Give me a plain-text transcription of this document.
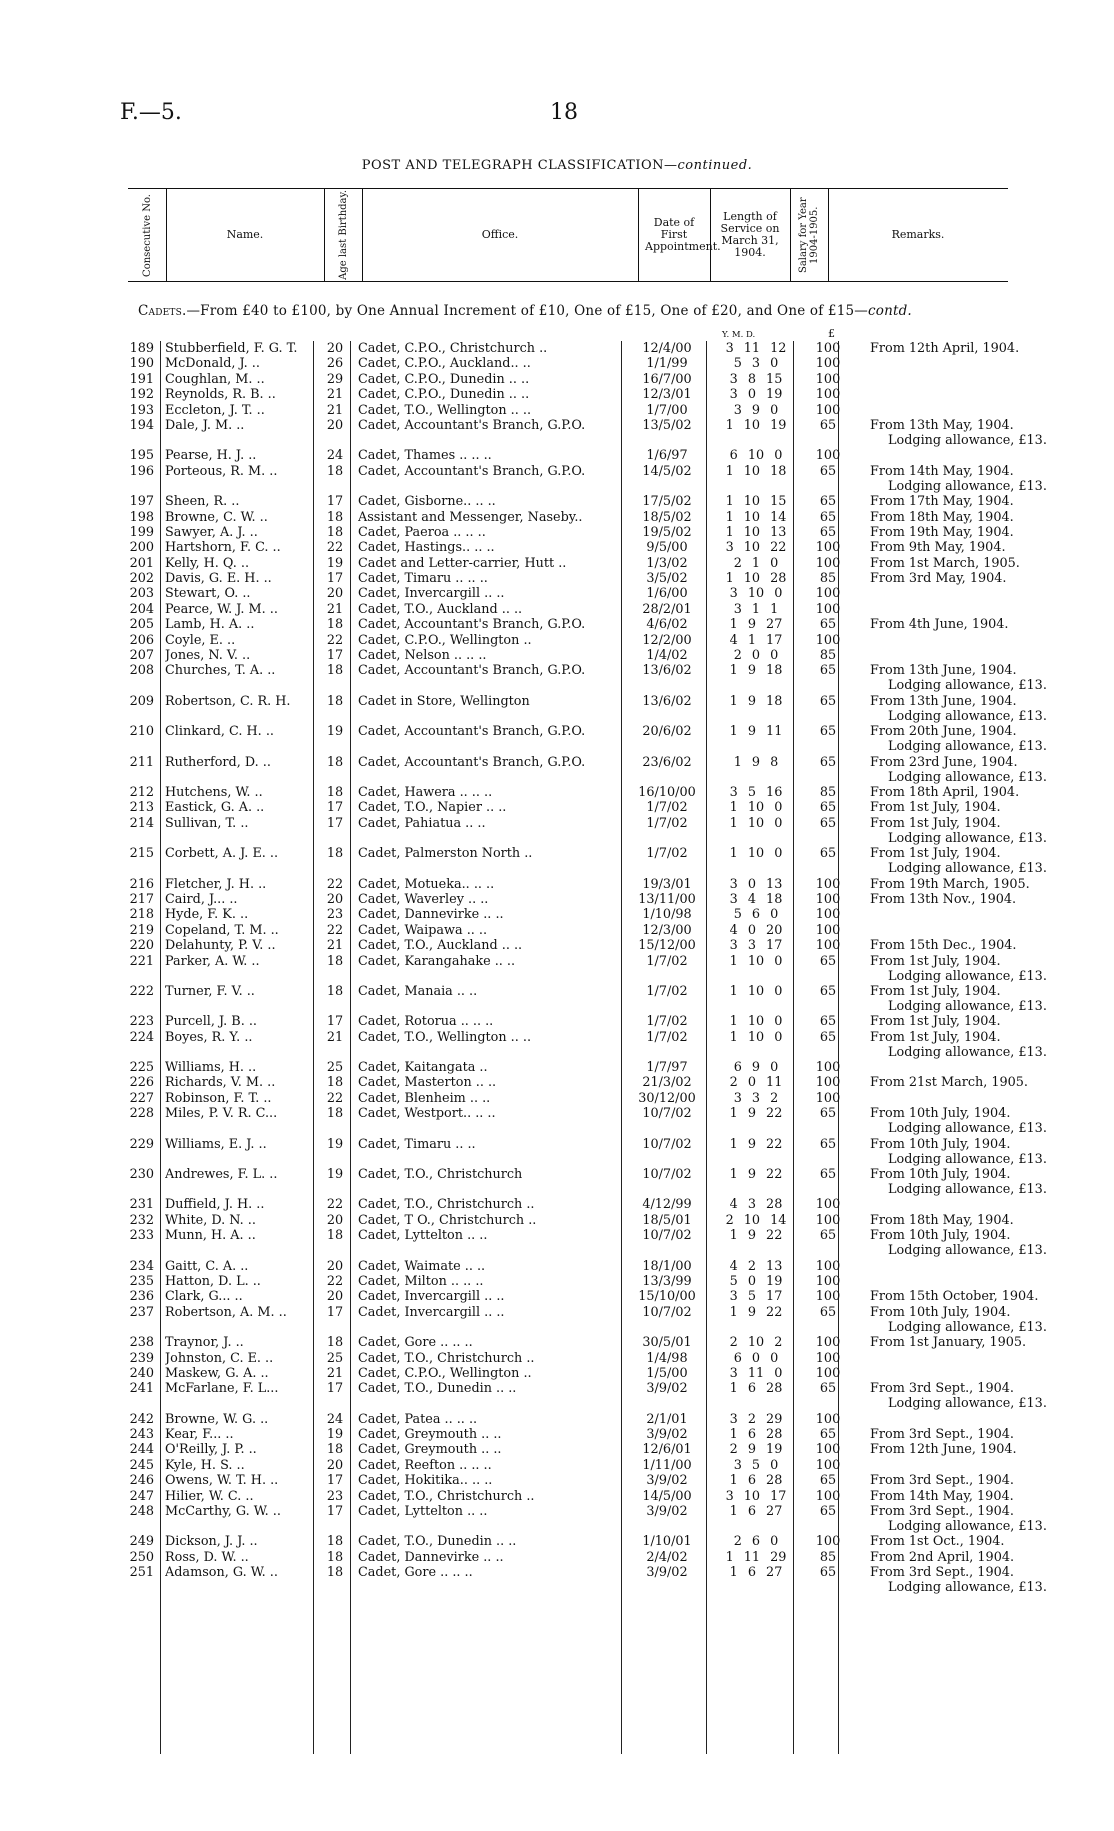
F.—5.	18
POST AND TELEGRAPH CLASSIFICATION—continued.
Consecutive No.	Name.	Age last Birthday.	Office.
Date of First Appointment.
Length of Service on March 31, 1904.	Salary for Year 1904-1905.	Remarks.
Cadets.—From £40 to £100, by One Annual Increment of £10, One of £15, One of £20, and One of £15—contd.
Y. M. D.	£
189 Stubberfield, F. G. T.	20	Cadet, C.P.O., Christchurch ..	12/4/00	3 11 12	100	From 12th April, 1904.
190 McDonald, J. ..	26	Cadet, C.P.O., Auckland.. ..	1/1/99	5 3 0	100
191 Coughlan, M. ..	29	Cadet, C.P.O., Dunedin .. ..	16/7/00	3 8 15	100
192 Reynolds, R. B. ..	21	Cadet, C.P.O., Dunedin .. ..	12/3/01	3 0 19	100
193 Eccleton, J. T. ..	21	Cadet, T.O., Wellington .. ..	1/7/00	3 9 0	100
194 Dale, J. M. ..	20	Cadet, Accountant's Branch, G.P.O.	13/5/02	1 10 19	65	From 13th May, 1904.
Lodging allowance, £13.
195 Pearse, H. J. ..	24	Cadet, Thames .. .. ..	1/6/97	6 10 0	100
196 Porteous, R. M. ..	18	Cadet, Accountant's Branch, G.P.O.	14/5/02	1 10 18	65	From 14th May, 1904.
Lodging allowance, £13.
197 Sheen, R. ..	17	Cadet, Gisborne.. .. ..	17/5/02	1 10 15	65	From 17th May, 1904.
198 Browne, C. W. ..	18	Assistant and Messenger, Naseby..	18/5/02	1 10 14	65	From 18th May, 1904.
199 Sawyer, A. J. ..	18	Cadet, Paeroa .. .. ..	19/5/02	1 10 13	65	From 19th May, 1904.
200 Hartshorn, F. C. ..	22	Cadet, Hastings.. .. ..	9/5/00	3 10 22	100	From 9th May, 1904.
201 Kelly, H. Q. ..	19	Cadet and Letter-carrier, Hutt ..	1/3/02	2 1 0	100	From 1st March, 1905.
202 Davis, G. E. H. ..	17	Cadet, Timaru .. .. ..	3/5/02	1 10 28	85	From 3rd May, 1904.
203 Stewart, O. ..	20	Cadet, Invercargill .. ..	1/6/00	3 10 0	100
204 Pearce, W. J. M. ..	21	Cadet, T.O., Auckland .. ..	28/2/01	3 1 1	100
205 Lamb, H. A. ..	18	Cadet, Accountant's Branch, G.P.O.	4/6/02	1 9 27	65	From 4th June, 1904.
206 Coyle, E. ..	22	Cadet, C.P.O., Wellington ..	12/2/00	4 1 17	100
207 Jones, N. V. ..	17	Cadet, Nelson .. .. ..	1/4/02	2 0 0	85
208 Churches, T. A. ..	18	Cadet, Accountant's Branch, G.P.O.	13/6/02	1 9 18	65	From 13th June, 1904.
Lodging allowance, £13.
209 Robertson, C. R. H.	18	Cadet in Store, Wellington	13/6/02	1 9 18	65	From 13th June, 1904.
Lodging allowance, £13.
210 Clinkard, C. H. ..	19	Cadet, Accountant's Branch, G.P.O.	20/6/02	1 9 11	65	From 20th June, 1904.
Lodging allowance, £13.
211 Rutherford, D. ..	18	Cadet, Accountant's Branch, G.P.O.	23/6/02	1 9 8	65	From 23rd June, 1904.
Lodging allowance, £13.
212 Hutchens, W. ..	18	Cadet, Hawera .. .. ..	16/10/00	3 5 16	85	From 18th April, 1904.
213 Eastick, G. A. ..	17	Cadet, T.O., Napier .. ..	1/7/02	1 10 0	65	From 1st July, 1904.
214 Sullivan, T. ..	17	Cadet, Pahiatua .. ..	1/7/02	1 10 0	65	From 1st July, 1904.
Lodging allowance, £13.
215 Corbett, A. J. E. ..	18	Cadet, Palmerston North ..	1/7/02	1 10 0	65	From 1st July, 1904.
Lodging allowance, £13.
216 Fletcher, J. H. ..	22	Cadet, Motueka.. .. ..	19/3/01	3 0 13	100	From 19th March, 1905.
217 Caird, J... ..	20	Cadet, Waverley .. ..	13/11/00	3 4 18	100	From 13th Nov., 1904.
218 Hyde, F. K. ..	23	Cadet, Dannevirke .. ..	1/10/98	5 6 0	100
219 Copeland, T. M. ..	22	Cadet, Waipawa .. ..	12/3/00	4 0 20	100
220 Delahunty, P. V. ..	21	Cadet, T.O., Auckland .. ..	15/12/00	3 3 17	100	From 15th Dec., 1904.
221 Parker, A. W. ..	18	Cadet, Karangahake .. ..	1/7/02	1 10 0	65	From 1st July, 1904.
Lodging allowance, £13.
222 Turner, F. V. ..	18	Cadet, Manaia .. ..	1/7/02	1 10 0	65	From 1st July, 1904.
Lodging allowance, £13.
223 Purcell, J. B. ..	17	Cadet, Rotorua .. .. ..	1/7/02	1 10 0	65	From 1st July, 1904.
224 Boyes, R. Y. ..	21	Cadet, T.O., Wellington .. ..	1/7/02	1 10 0	65	From 1st July, 1904.
Lodging allowance, £13.
225 Williams, H. ..	25	Cadet, Kaitangata ..	1/7/97	6 9 0	100
226 Richards, V. M. ..	18	Cadet, Masterton .. ..	21/3/02	2 0 11	100	From 21st March, 1905.
227 Robinson, F. T. ..	22	Cadet, Blenheim .. ..	30/12/00	3 3 2	100
228 Miles, P. V. R. C...	18	Cadet, Westport.. .. ..	10/7/02	1 9 22	65	From 10th July, 1904.
Lodging allowance, £13.
229 Williams, E. J. ..	19	Cadet, Timaru .. ..	10/7/02	1 9 22	65	From 10th July, 1904.
Lodging allowance, £13.
230 Andrewes, F. L. ..	19	Cadet, T.O., Christchurch	10/7/02	1 9 22	65	From 10th July, 1904.
Lodging allowance, £13.
231 Duffield, J. H. ..	22	Cadet, T.O., Christchurch ..	4/12/99	4 3 28	100
232 White, D. N. ..	20	Cadet, T O., Christchurch ..	18/5/01	2 10 14	100	From 18th May, 1904.
233 Munn, H. A. ..	18	Cadet, Lyttelton .. ..	10/7/02	1 9 22	65	From 10th July, 1904.
Lodging allowance, £13.
234 Gaitt, C. A. ..	20	Cadet, Waimate .. ..	18/1/00	4 2 13	100
235 Hatton, D. L. ..	22	Cadet, Milton .. .. ..	13/3/99	5 0 19	100
236 Clark, G... ..	20	Cadet, Invercargill .. ..	15/10/00	3 5 17	100	From 15th October, 1904.
237 Robertson, A. M. ..	17	Cadet, Invercargill .. ..	10/7/02	1 9 22	65	From 10th July, 1904.
Lodging allowance, £13.
238 Traynor, J. ..	18	Cadet, Gore .. .. ..	30/5/01	2 10 2	100	From 1st January, 1905.
239 Johnston, C. E. ..	25	Cadet, T.O., Christchurch ..	1/4/98	6 0 0	100
240 Maskew, G. A. ..	21	Cadet, C.P.O., Wellington ..	1/5/00	3 11 0	100
241 McFarlane, F. L...	17	Cadet, T.O., Dunedin .. ..	3/9/02	1 6 28	65	From 3rd Sept., 1904.
Lodging allowance, £13.
242 Browne, W. G. ..	24	Cadet, Patea .. .. ..	2/1/01	3 2 29	100
243 Kear, F... ..	19	Cadet, Greymouth .. ..	3/9/02	1 6 28	65	From 3rd Sept., 1904.
244 O'Reilly, J. P. ..	18	Cadet, Greymouth .. ..	12/6/01	2 9 19	100	From 12th June, 1904.
245 Kyle, H. S. ..	20	Cadet, Reefton .. .. ..	1/11/00	3 5 0	100
246 Owens, W. T. H. ..	17	Cadet, Hokitika.. .. ..	3/9/02	1 6 28	65	From 3rd Sept., 1904.
247 Hilier, W. C. ..	23	Cadet, T.O., Christchurch ..	14/5/00	3 10 17	100	From 14th May, 1904.
248 McCarthy, G. W. ..	17	Cadet, Lyttelton .. ..	3/9/02	1 6 27	65	From 3rd Sept., 1904.
Lodging allowance, £13.
249 Dickson, J. J. ..	18	Cadet, T.O., Dunedin .. ..	1/10/01	2 6 0	100	From 1st Oct., 1904.
250 Ross, D. W. ..	18	Cadet, Dannevirke .. ..	2/4/02	1 11 29	85	From 2nd April, 1904.
251 Adamson, G. W. ..	18	Cadet, Gore .. .. ..	3/9/02	1 6 27	65	From 3rd Sept., 1904.
Lodging allowance, £13.
